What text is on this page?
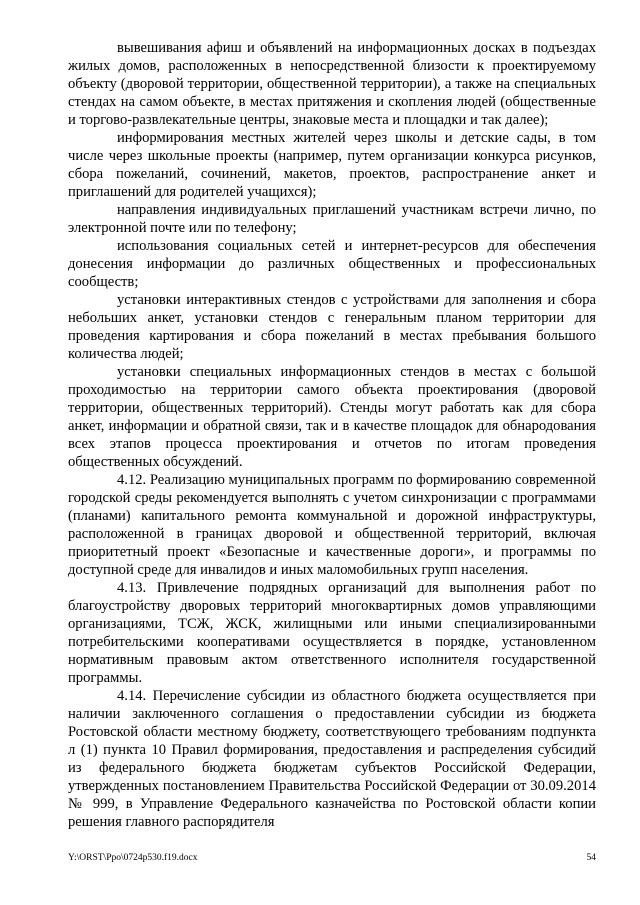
вывешивания афиш и объявлений на информационных досках в подъездах жилых домов, расположенных в непосредственной близости к проектируемому объекту (дворовой территории, общественной территории), а также на специальных стендах на самом объекте, в местах притяжения и скопления людей (общественные и торгово-развлекательные центры, знаковые места и площадки и так далее);

информирования местных жителей через школы и детские сады, в том числе через школьные проекты (например, путем организации конкурса рисунков, сбора пожеланий, сочинений, макетов, проектов, распространение анкет и приглашений для родителей учащихся);

направления индивидуальных приглашений участникам встречи лично, по электронной почте или по телефону;

использования социальных сетей и интернет-ресурсов для обеспечения донесения информации до различных общественных и профессиональных сообществ;

установки интерактивных стендов с устройствами для заполнения и сбора небольших анкет, установки стендов с генеральным планом территории для проведения картирования и сбора пожеланий в местах пребывания большого количества людей;

установки специальных информационных стендов в местах с большой проходимостью на территории самого объекта проектирования (дворовой территории, общественных территорий). Стенды могут работать как для сбора анкет, информации и обратной связи, так и в качестве площадок для обнародования всех этапов процесса проектирования и отчетов по итогам проведения общественных обсуждений.

4.12. Реализацию муниципальных программ по формированию современной городской среды рекомендуется выполнять с учетом синхронизации с программами (планами) капитального ремонта коммунальной и дорожной инфраструктуры, расположенной в границах дворовой и общественной территорий, включая приоритетный проект «Безопасные и качественные дороги», и программы по доступной среде для инвалидов и иных маломобильных групп населения.

4.13. Привлечение подрядных организаций для выполнения работ по благоустройству дворовых территорий многоквартирных домов управляющими организациями, ТСЖ, ЖСК, жилищными или иными специализированными потребительскими кооперативами осуществляется в порядке, установленном нормативным правовым актом ответственного исполнителя государственной программы.

4.14. Перечисление субсидии из областного бюджета осуществляется при наличии заключенного соглашения о предоставлении субсидии из бюджета Ростовской области местному бюджету, соответствующего требованиям подпункта л (1) пункта 10 Правил формирования, предоставления и распределения субсидий из федерального бюджета бюджетам субъектов Российской Федерации, утвержденных постановлением Правительства Российской Федерации от 30.09.2014 № 999, в Управление Федерального казначейства по Ростовской области копии решения главного распорядителя

Y:\ORST\Ppo\0724p530.f19.docx	54
